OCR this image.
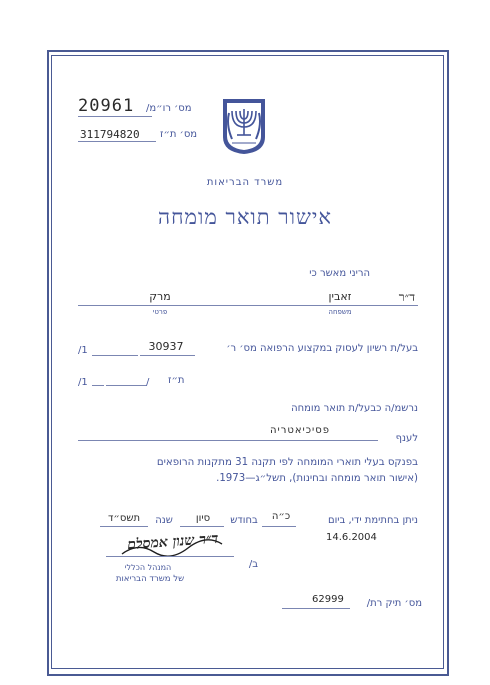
20961 מס׳ רו״מ/
311794820 מס׳ ת״ז
משרד הבריאות
אישור תואר מומחה
הריני מאשר כי
ד״ר
זאבין
מרק
משפחה
פרטי
בעל/ת רשיון לעסוק במקצוע הרפואה מס׳ ר׳
30937
/1
ת״ז
/
/1
נרשמ/ה כבעל/ת תואר מומחה
לענף
פסיכיאטריה
בפנקס בעלי תוארי המומחה לפי תקנה 31 מתקנות הרופאים
(אישור תואר מומחה ובחינות), תשל״ג—1973.
ניתן בחתימת ידי, ביום
כ״ה
בחודש
סיון
שנה
תשס״ד
14.6.2004
ד״ר שנון אמסלם
ב/
המנהל הכללי
של משרד הבריאות
מס׳ תיק רת/
62999
